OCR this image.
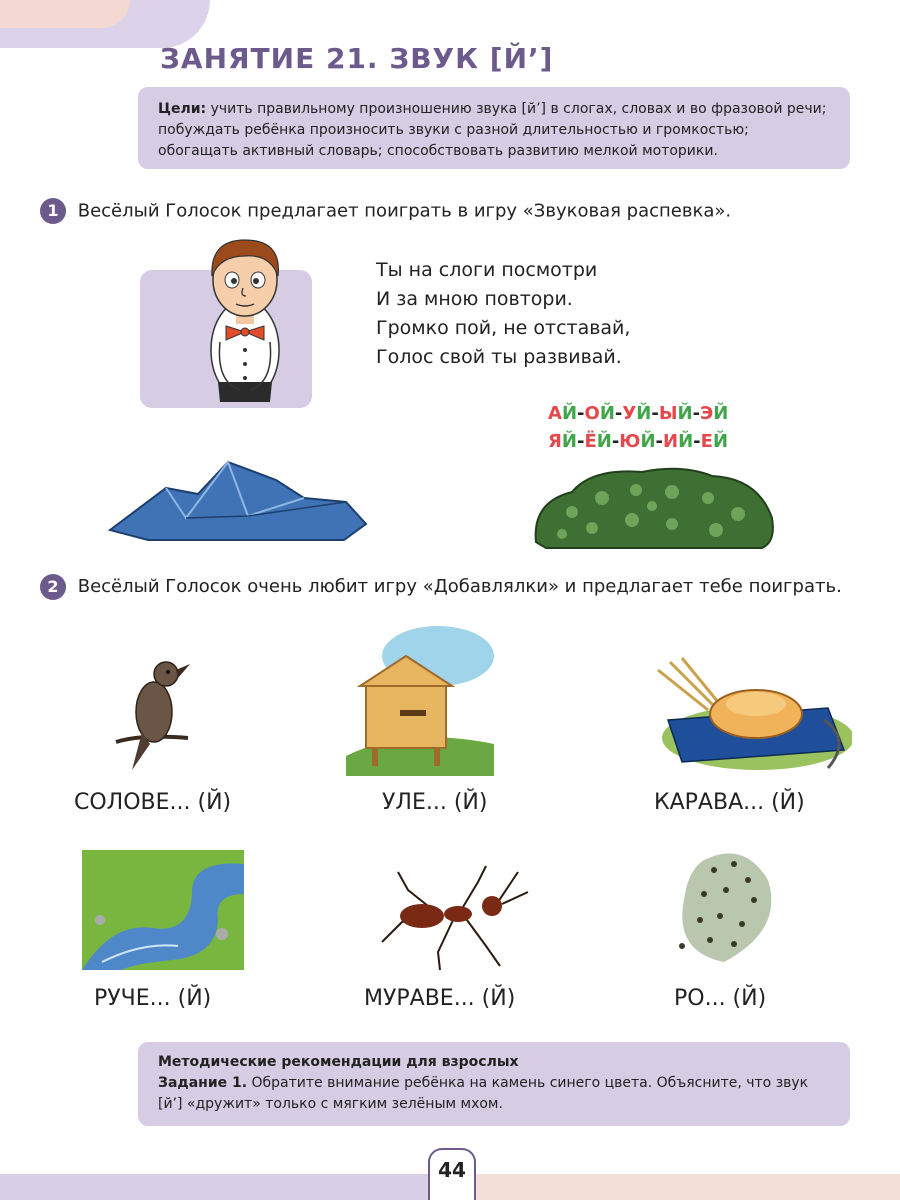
ЗАНЯТИЕ 21. ЗВУК [Й’]
Цели: учить правильному произношению звука [й’] в слогах, словах и во фразовой речи; побуждать ребёнка произносить звуки с разной длительностью и громкостью; обогащать активный словарь; способствовать развитию мелкой моторики.
1 Весёлый Голосок предлагает поиграть в игру «Звуковая распевка».
Ты на слоги посмотри
И за мною повтори.
Громко пой, не отставай,
Голос свой ты развивай.
АЙ-ОЙ-УЙ-ЫЙ-ЭЙ
ЯЙ-ЁЙ-ЮЙ-ИЙ-ЕЙ
2 Весёлый Голосок очень любит игру «Добавлялки» и предлагает тебе поиграть.
СОЛОВЕ... (Й)	УЛЕ... (Й)	КАРАВА... (Й)
РУЧЕ... (Й)	МУРАВЕ... (Й)	РО... (Й)
Методические рекомендации для взрослых
Задание 1. Обратите внимание ребёнка на камень синего цвета. Объясните, что звук [й’] «дружит» только с мягким зелёным мхом.
44
